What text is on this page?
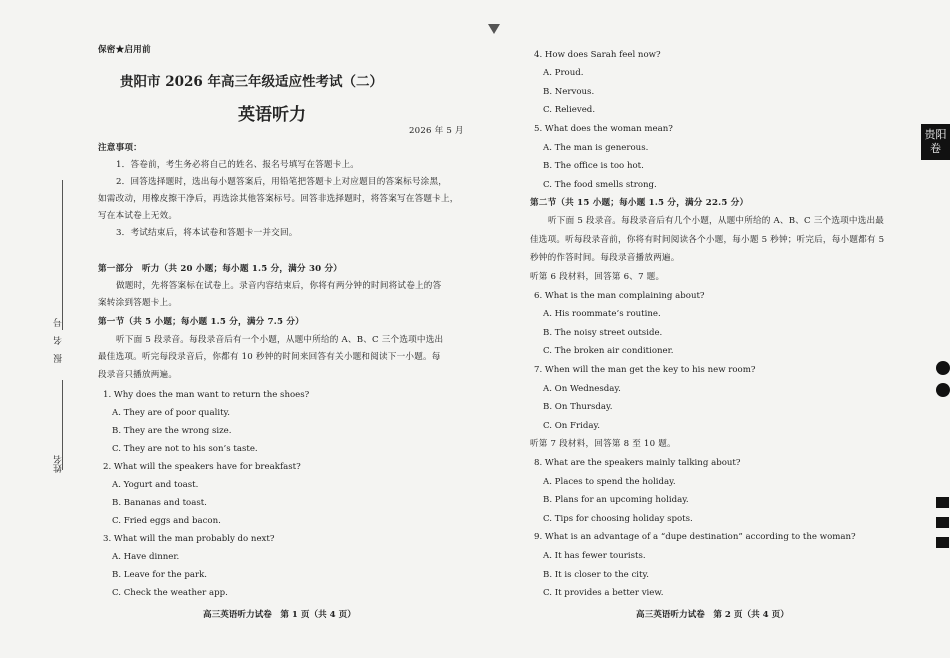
保密★启用前
贵阳市 2026 年高三年级适应性考试（二）
英语听力
2026 年 5 月
注意事项：
1．答卷前，考生务必将自己的姓名、报名号填写在答题卡上。
2．回答选择题时，选出每小题答案后，用铅笔把答题卡上对应题目的答案标号涂黑，
如需改动，用橡皮擦干净后，再选涂其他答案标号。回答非选择题时，将答案写在答题卡上，
写在本试卷上无效。
3．考试结束后，将本试卷和答题卡一并交回。
第一部分　听力（共 20 小题；每小题 1.5 分，满分 30 分）
做题时，先将答案标在试卷上。录音内容结束后，你将有两分钟的时间将试卷上的答
案转涂到答题卡上。
第一节（共 5 小题；每小题 1.5 分，满分 7.5 分）
听下面 5 段录音。每段录音后有一个小题，从题中所给的 A、B、C 三个选项中选出
最佳选项。听完每段录音后，你都有 10 秒钟的时间来回答有关小题和阅读下一小题。每
段录音只播放两遍。
1. Why does the man want to return the shoes?
A. They are of poor quality.
B. They are the wrong size.
C. They are not to his son’s taste.
2. What will the speakers have for breakfast?
A. Yogurt and toast.
B. Bananas and toast.
C. Fried eggs and bacon.
3. What will the man probably do next?
A. Have dinner.
B. Leave for the park.
C. Check the weather app.
高三英语听力试卷　第 1 页（共 4 页）
报　名　号
姓名
4. How does Sarah feel now?
A. Proud.
B. Nervous.
C. Relieved.
5. What does the woman mean?
A. The man is generous.
B. The office is too hot.
C. The food smells strong.
第二节（共 15 小题；每小题 1.5 分，满分 22.5 分）
听下面 5 段录音。每段录音后有几个小题，从题中所给的 A、B、C 三个选项中选出最
佳选项。听每段录音前，你将有时间阅读各个小题，每小题 5 秒钟；听完后，每小题都有 5
秒钟的作答时间。每段录音播放两遍。
听第 6 段材料，回答第 6、7 题。
6. What is the man complaining about?
A. His roommate’s routine.
B. The noisy street outside.
C. The broken air conditioner.
7. When will the man get the key to his new room?
A. On Wednesday.
B. On Thursday.
C. On Friday.
听第 7 段材料，回答第 8 至 10 题。
8. What are the speakers mainly talking about?
A. Places to spend the holiday.
B. Plans for an upcoming holiday.
C. Tips for choosing holiday spots.
9. What is an advantage of a “dupe destination” according to the woman?
A. It has fewer tourists.
B. It is closer to the city.
C. It provides a better view.
高三英语听力试卷　第 2 页（共 4 页）
贵阳
卷
